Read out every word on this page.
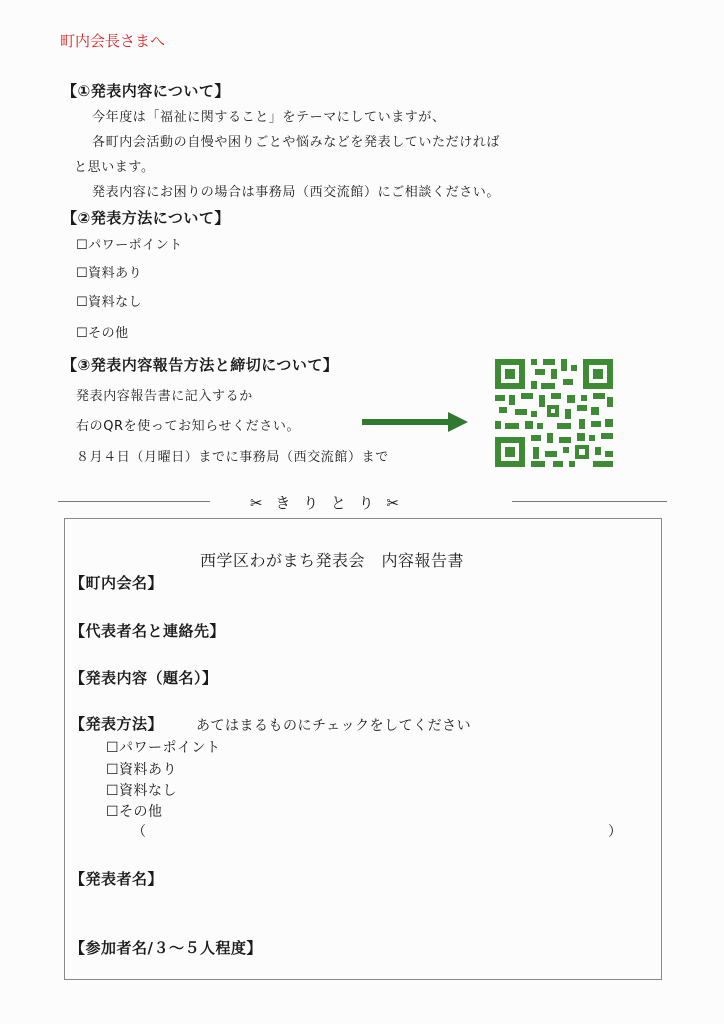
町内会長さまへ
【①発表内容について】
今年度は「福祉に関すること」をテーマにしていますが、
各町内会活動の自慢や困りごとや悩みなどを発表していただければ
と思います。
発表内容にお困りの場合は事務局（西交流館）にご相談ください。
【②発表方法について】
☐パワーポイント
☐資料あり
☐資料なし
☐その他
【③発表内容報告方法と締切について】
発表内容報告書に記入するか
右のQRを使ってお知らせください。
８月４日（月曜日）までに事務局（西交流館）まで
✂ き り と り ✂
西学区わがまち発表会　内容報告書
【町内会名】
【代表者名と連絡先】
【発表内容（題名）】
【発表方法】 あてはまるものにチェックをしてください
☐パワーポイント
☐資料あり
☐資料なし
☐その他
（	）
【発表者名】
【参加者名/３～５人程度】
